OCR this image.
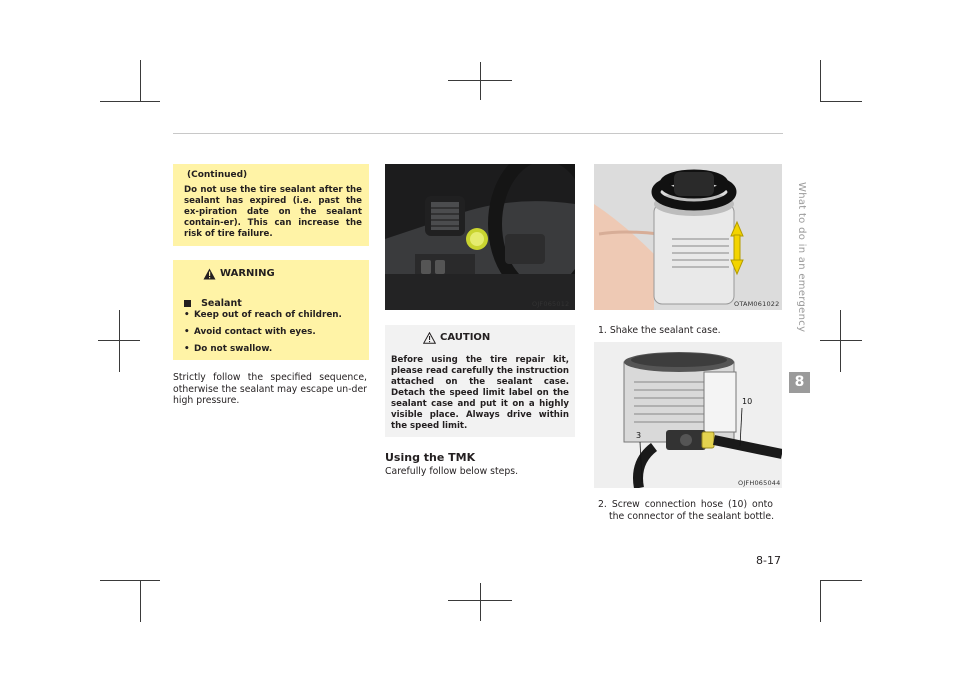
(Continued)
Do not use the tire sealant after the sealant has expired (i.e. past the ex-piration date on the sealant contain-er). This can increase the risk of tire failure.
WARNING
Sealant
• Keep out of reach of children.
• Avoid contact with eyes.
• Do not swallow.
Strictly follow the specified sequence, otherwise the sealant may escape un-der high pressure.
OJF065012
CAUTION
Before using the tire repair kit, please read carefully the instruction attached on the sealant case. Detach the speed limit label on the sealant case and put it on a highly visible place. Always drive within the speed limit.
Using the TMK
Carefully follow below steps.
OTAM061022
1. Shake the sealant case.
10
3
OJFH065044
2. Screw connection hose (10) onto
the connector of the sealant bottle.
What to do in an emergency
8
8-17
